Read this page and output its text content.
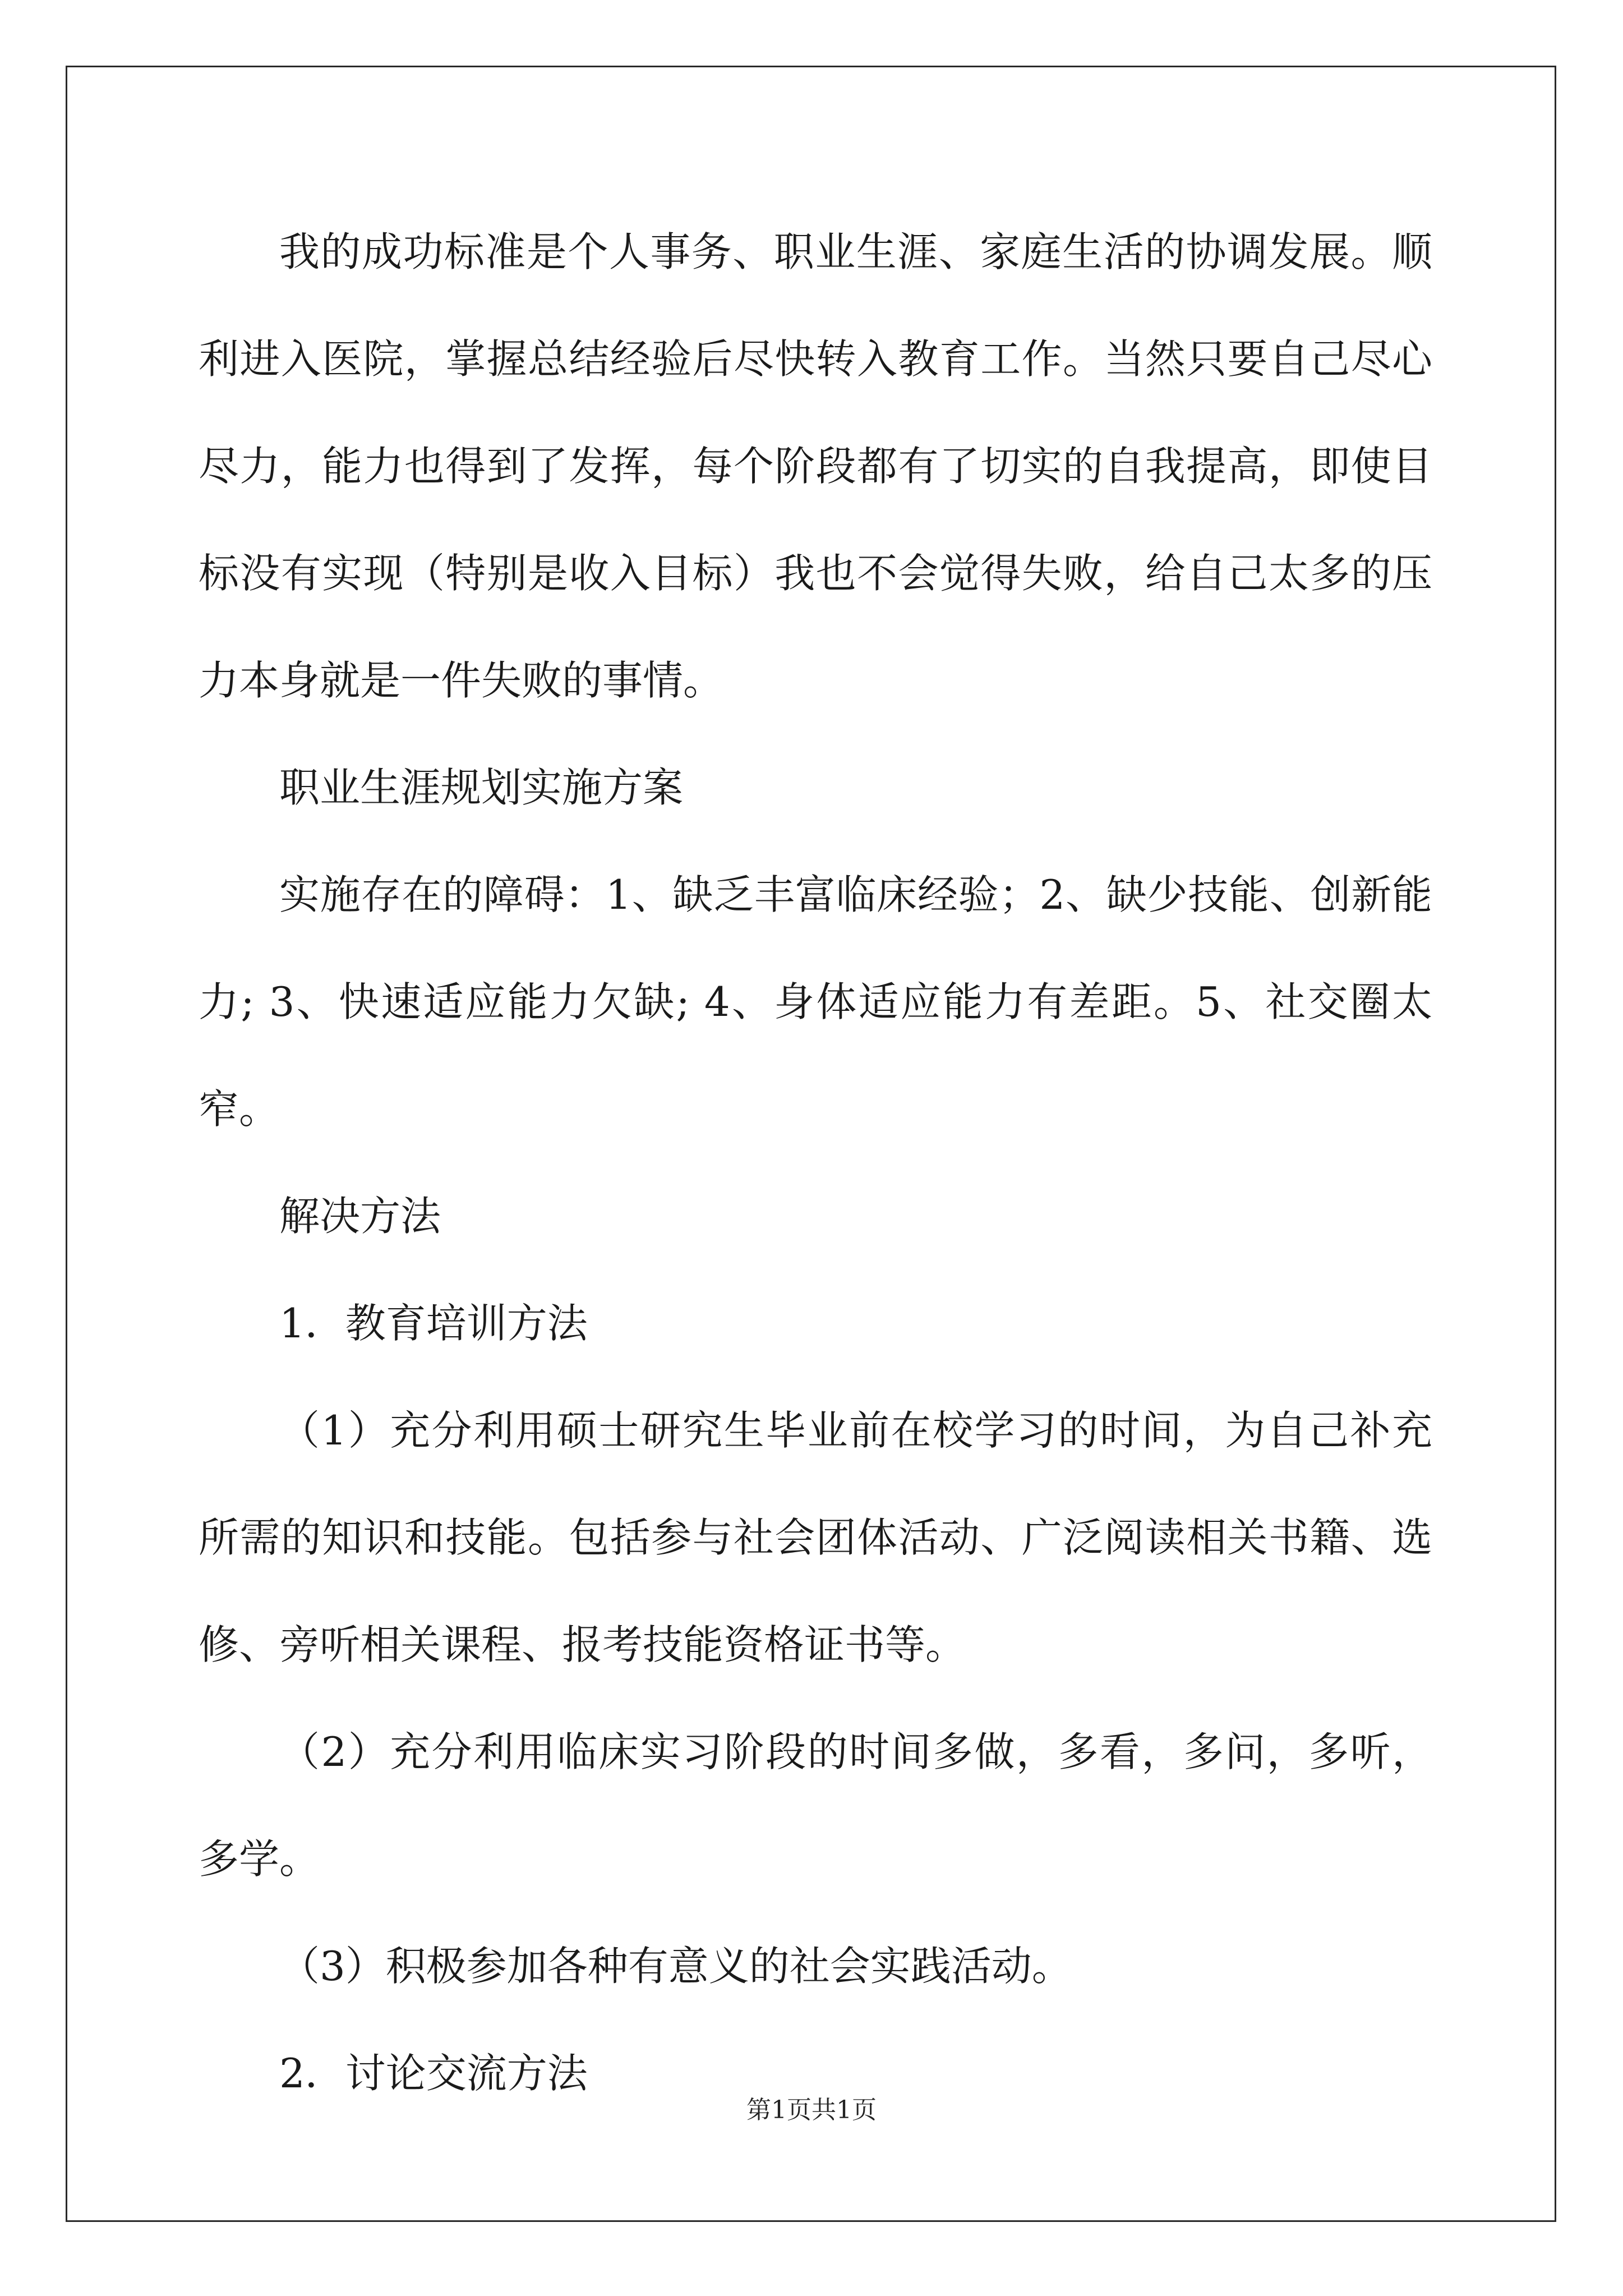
我的成功标准是个人事务、职业生涯、家庭生活的协调发展。顺利进入医院，掌握总结经验后尽快转入教育工作。当然只要自己尽心尽力，能力也得到了发挥，每个阶段都有了切实的自我提高，即使目标没有实现（特别是收入目标）我也不会觉得失败，给自己太多的压力本身就是一件失败的事情。

职业生涯规划实施方案

实施存在的障碍：1、缺乏丰富临床经验；2、缺少技能、创新能力; 3、快速适应能力欠缺; 4、身体适应能力有差距。5、社交圈太窄。

解决方法

1．教育培训方法

（1）充分利用硕士研究生毕业前在校学习的时间，为自己补充所需的知识和技能。包括参与社会团体活动、广泛阅读相关书籍、选修、旁听相关课程、报考技能资格证书等。

（2）充分利用临床实习阶段的时间多做，多看，多问，多听，多学。

（3）积极参加各种有意义的社会实践活动。

2．讨论交流方法

第1页共1页
